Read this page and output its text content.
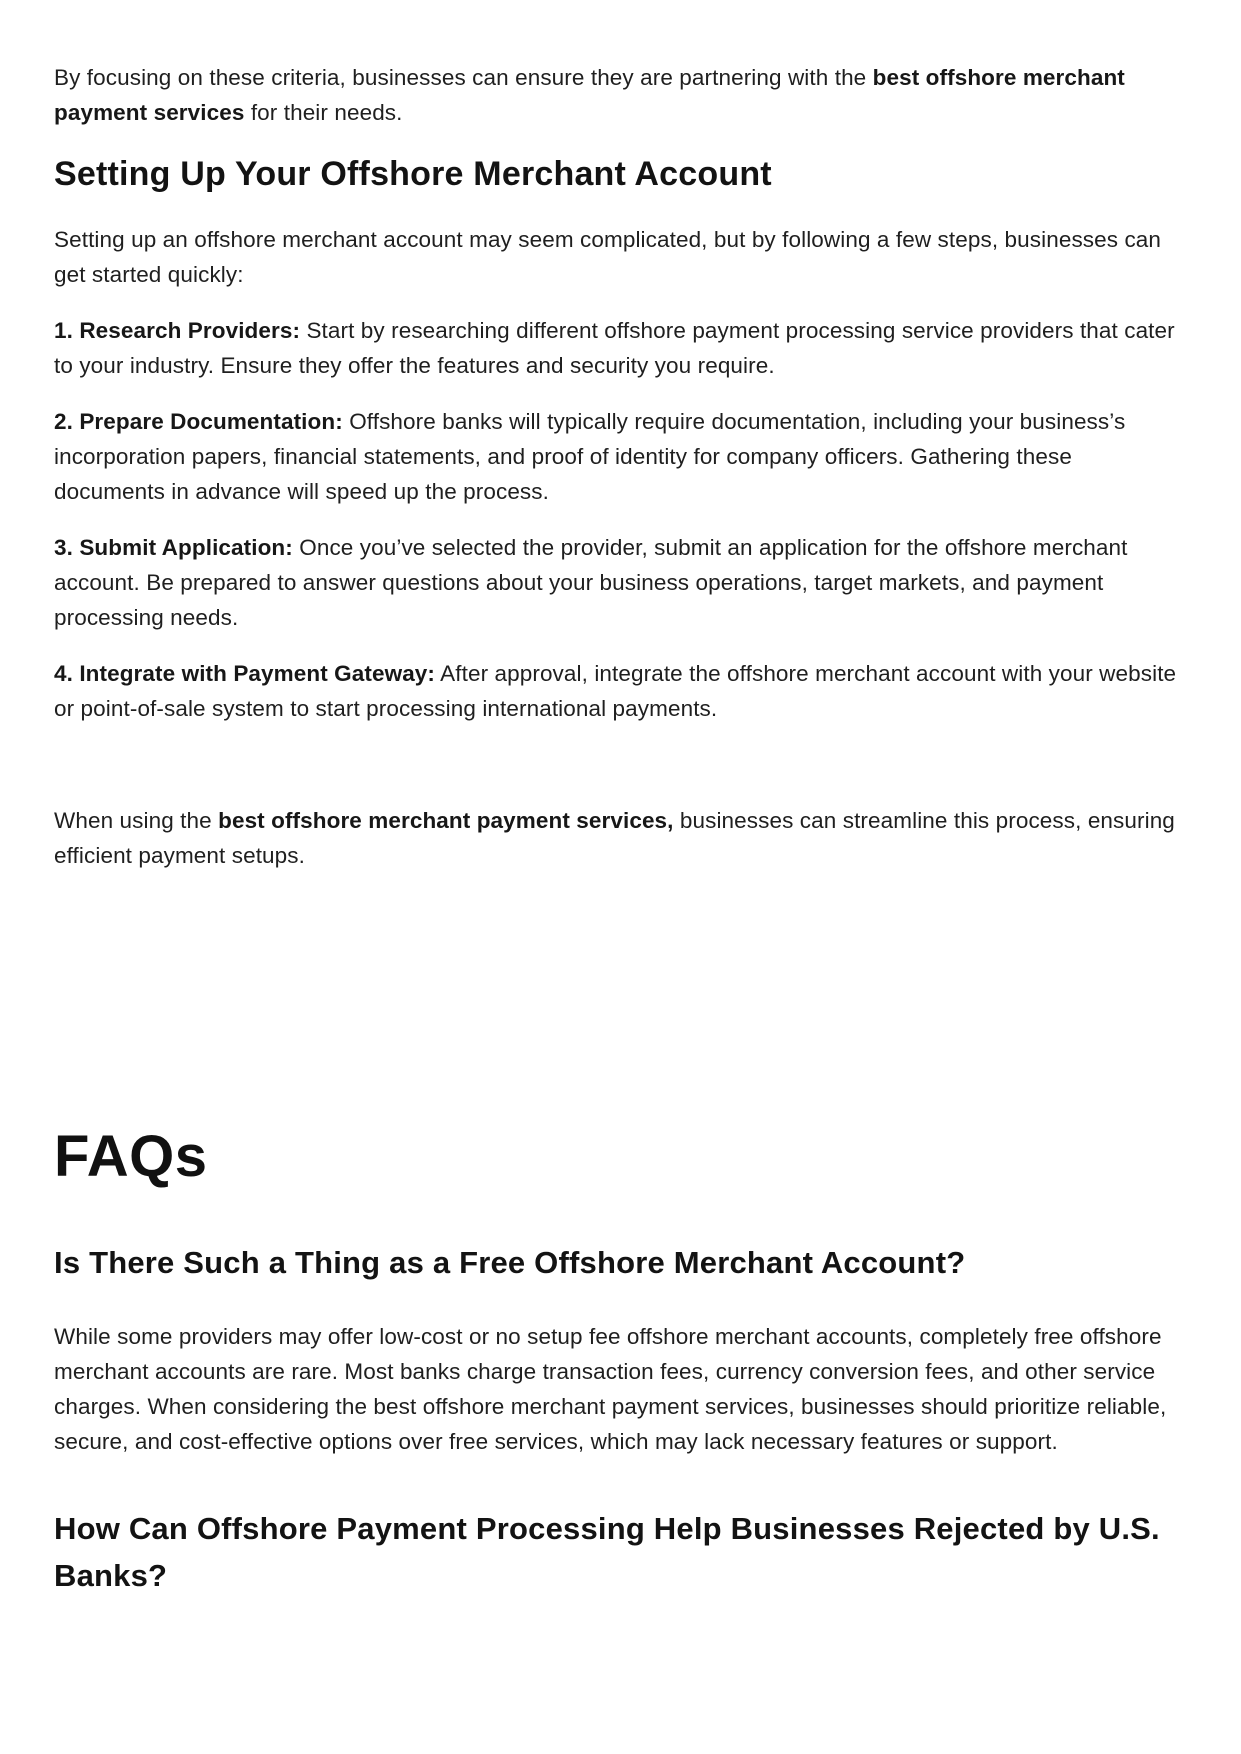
By focusing on these criteria, businesses can ensure they are partnering with the best offshore merchant payment services for their needs.

Setting Up Your Offshore Merchant Account

Setting up an offshore merchant account may seem complicated, but by following a few steps, businesses can get started quickly:

1. Research Providers: Start by researching different offshore payment processing service providers that cater to your industry. Ensure they offer the features and security you require.

2. Prepare Documentation: Offshore banks will typically require documentation, including your business’s incorporation papers, financial statements, and proof of identity for company officers. Gathering these documents in advance will speed up the process.

3. Submit Application: Once you’ve selected the provider, submit an application for the offshore merchant account. Be prepared to answer questions about your business operations, target markets, and payment processing needs.

4. Integrate with Payment Gateway: After approval, integrate the offshore merchant account with your website or point-of-sale system to start processing international payments.

When using the best offshore merchant payment services, businesses can streamline this process, ensuring efficient payment setups.

FAQs
Is There Such a Thing as a Free Offshore Merchant Account?

While some providers may offer low-cost or no setup fee offshore merchant accounts, completely free offshore merchant accounts are rare. Most banks charge transaction fees, currency conversion fees, and other service charges. When considering the best offshore merchant payment services, businesses should prioritize reliable, secure, and cost-effective options over free services, which may lack necessary features or support.

How Can Offshore Payment Processing Help Businesses Rejected by U.S. Banks?
